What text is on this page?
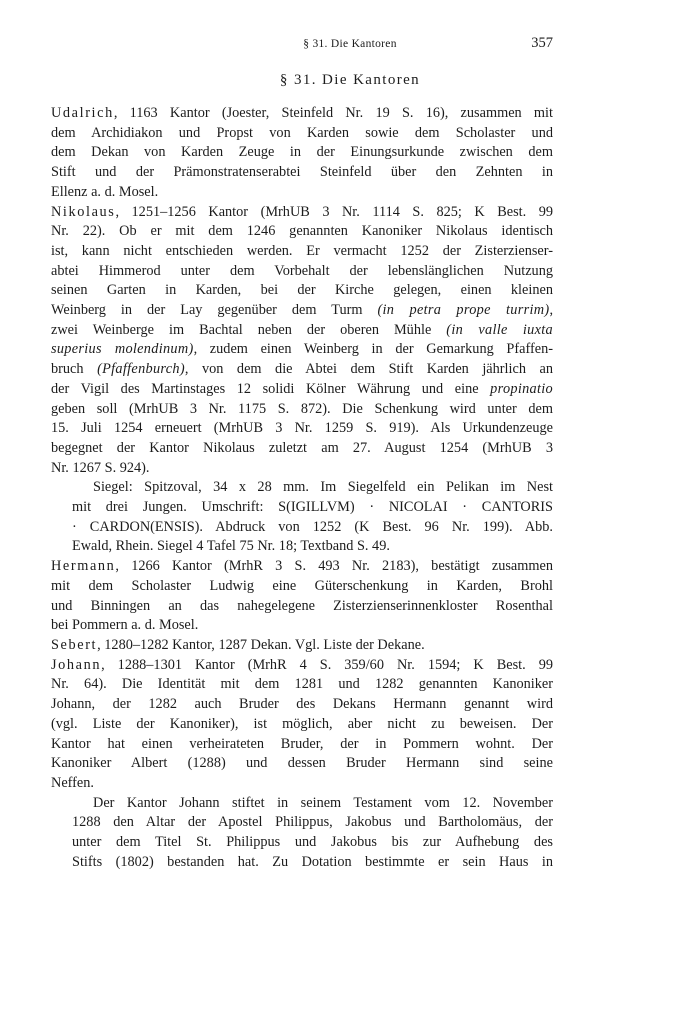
§ 31. Die Kantoren	357
§ 31. Die Kantoren
Udalrich, 1163 Kantor (Joester, Steinfeld Nr. 19 S. 16), zusammen mit
dem Archidiakon und Propst von Karden sowie dem Scholaster und
dem Dekan von Karden Zeuge in der Einungsurkunde zwischen dem
Stift und der Prämonstratenserabtei Steinfeld über den Zehnten in
Ellenz a. d. Mosel.
Nikolaus, 1251–1256 Kantor (MrhUB 3 Nr. 1114 S. 825; K Best. 99
Nr. 22). Ob er mit dem 1246 genannten Kanoniker Nikolaus identisch
ist, kann nicht entschieden werden. Er vermacht 1252 der Zisterzienser-
abtei Himmerod unter dem Vorbehalt der lebenslänglichen Nutzung
seinen Garten in Karden, bei der Kirche gelegen, einen kleinen
Weinberg in der Lay gegenüber dem Turm (in petra prope turrim),
zwei Weinberge im Bachtal neben der oberen Mühle (in valle iuxta
superius molendinum), zudem einen Weinberg in der Gemarkung Pfaffen-
bruch (Pfaffenburch), von dem die Abtei dem Stift Karden jährlich an
der Vigil des Martinstages 12 solidi Kölner Währung und eine propinatio
geben soll (MrhUB 3 Nr. 1175 S. 872). Die Schenkung wird unter dem
15. Juli 1254 erneuert (MrhUB 3 Nr. 1259 S. 919). Als Urkundenzeuge
begegnet der Kantor Nikolaus zuletzt am 27. August 1254 (MrhUB 3
Nr. 1267 S. 924).
Siegel: Spitzoval, 34 x 28 mm. Im Siegelfeld ein Pelikan im Nest
mit drei Jungen. Umschrift: S(IGILLVM) · NICOLAI · CANTORIS
· CARDON(ENSIS). Abdruck von 1252 (K Best. 96 Nr. 199). Abb.
Ewald, Rhein. Siegel 4 Tafel 75 Nr. 18; Textband S. 49.
Hermann, 1266 Kantor (MrhR 3 S. 493 Nr. 2183), bestätigt zusammen
mit dem Scholaster Ludwig eine Güterschenkung in Karden, Brohl
und Binningen an das nahegelegene Zisterzienserinnenkloster Rosenthal
bei Pommern a. d. Mosel.
Sebert, 1280–1282 Kantor, 1287 Dekan. Vgl. Liste der Dekane.
Johann, 1288–1301 Kantor (MrhR 4 S. 359/60 Nr. 1594; K Best. 99
Nr. 64). Die Identität mit dem 1281 und 1282 genannten Kanoniker
Johann, der 1282 auch Bruder des Dekans Hermann genannt wird
(vgl. Liste der Kanoniker), ist möglich, aber nicht zu beweisen. Der
Kantor hat einen verheirateten Bruder, der in Pommern wohnt. Der
Kanoniker Albert (1288) und dessen Bruder Hermann sind seine
Neffen.
Der Kantor Johann stiftet in seinem Testament vom 12. November
1288 den Altar der Apostel Philippus, Jakobus und Bartholomäus, der
unter dem Titel St. Philippus und Jakobus bis zur Aufhebung des
Stifts (1802) bestanden hat. Zu Dotation bestimmte er sein Haus in
